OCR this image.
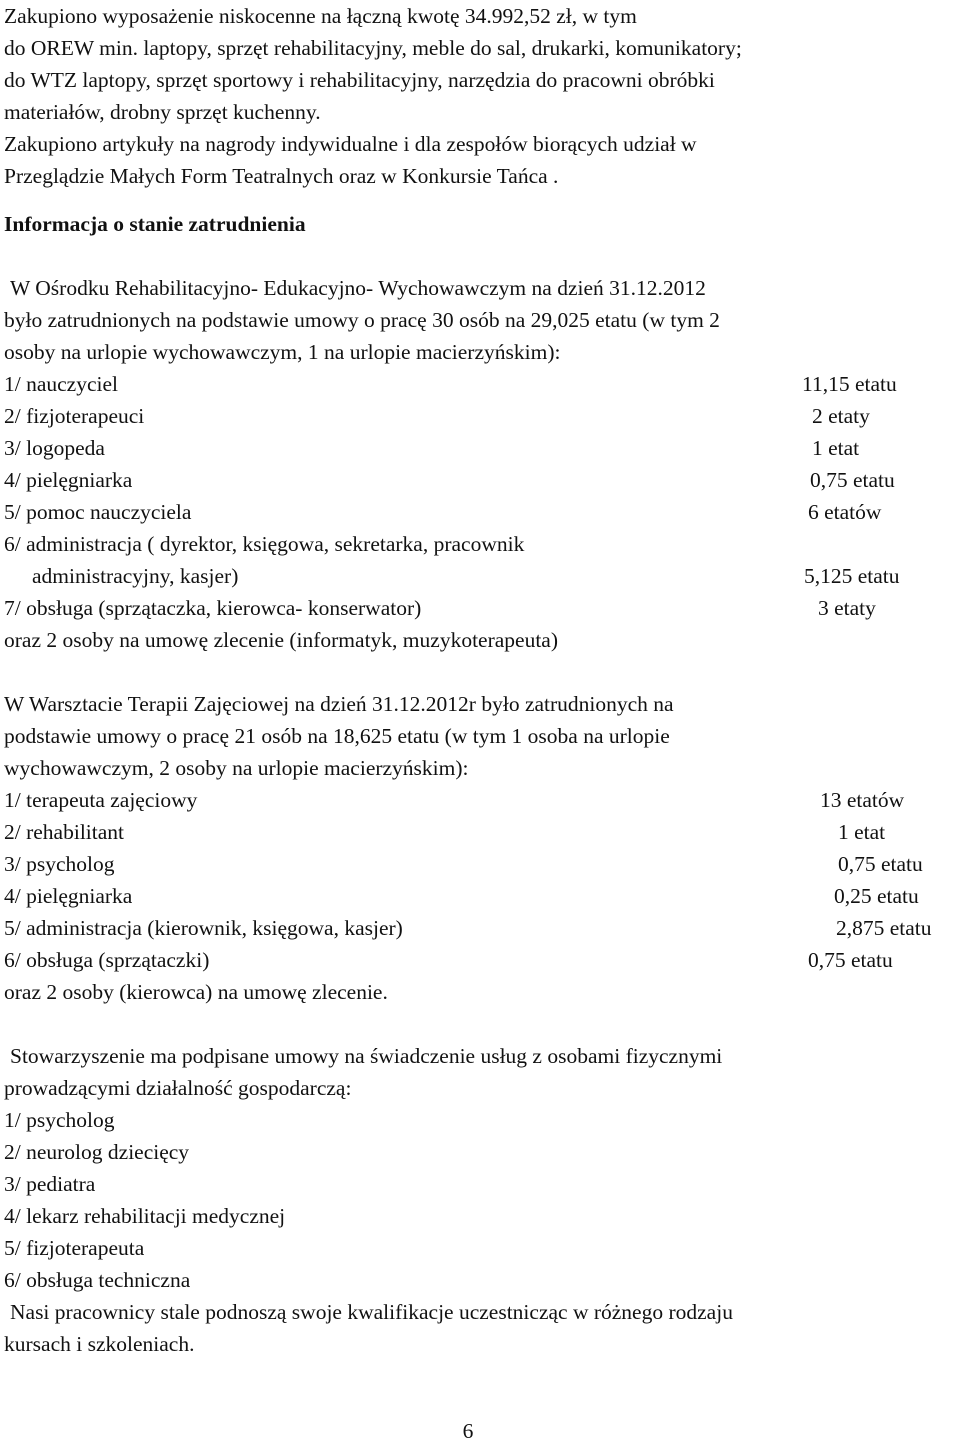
Zakupiono wyposażenie niskocenne na łączną kwotę 34.992,52 zł, w tym

do OREW min. laptopy, sprzęt rehabilitacyjny, meble do sal, drukarki, komunikatory;

do WTZ laptopy, sprzęt sportowy i rehabilitacyjny, narzędzia do pracowni obróbki

materiałów, drobny sprzęt kuchenny.

Zakupiono artykuły na nagrody indywidualne i dla zespołów biorących udział w

Przeglądzie Małych Form Teatralnych oraz w Konkursie Tańca .

Informacja o stanie zatrudnienia

W Ośrodku Rehabilitacyjno- Edukacyjno- Wychowawczym na dzień 31.12.2012

było zatrudnionych na podstawie umowy o pracę 30 osób na 29,025 etatu (w tym 2

osoby na urlopie wychowawczym, 1 na urlopie macierzyńskim):

1/ nauczyciel	11,15 etatu
2/ fizjoterapeuci	2 etaty
3/ logopeda	1 etat
4/ pielęgniarka	0,75 etatu
5/ pomoc nauczyciela	6 etatów
6/ administracja ( dyrektor, księgowa, sekretarka, pracownik
administracyjny, kasjer)	5,125 etatu
7/ obsługa (sprzątaczka, kierowca- konserwator)	3 etaty

oraz 2 osoby na umowę zlecenie (informatyk, muzykoterapeuta)

W Warsztacie Terapii Zajęciowej na dzień 31.12.2012r było zatrudnionych na

podstawie umowy o pracę 21 osób na 18,625 etatu (w tym 1 osoba na urlopie

wychowawczym, 2 osoby na urlopie macierzyńskim):

1/ terapeuta zajęciowy	13 etatów
2/ rehabilitant	1 etat
3/ psycholog	0,75 etatu
4/ pielęgniarka	0,25 etatu
5/ administracja (kierownik, księgowa, kasjer)	2,875 etatu
6/ obsługa (sprzątaczki)	0,75 etatu

oraz 2 osoby (kierowca) na umowę zlecenie.

Stowarzyszenie ma podpisane umowy na świadczenie usług z osobami fizycznymi

prowadzącymi działalność gospodarczą:

1/ psycholog

2/ neurolog dziecięcy

3/ pediatra

4/ lekarz rehabilitacji medycznej

5/ fizjoterapeuta

6/ obsługa techniczna

Nasi pracownicy stale podnoszą swoje kwalifikacje uczestnicząc w różnego rodzaju

kursach i szkoleniach.

6
